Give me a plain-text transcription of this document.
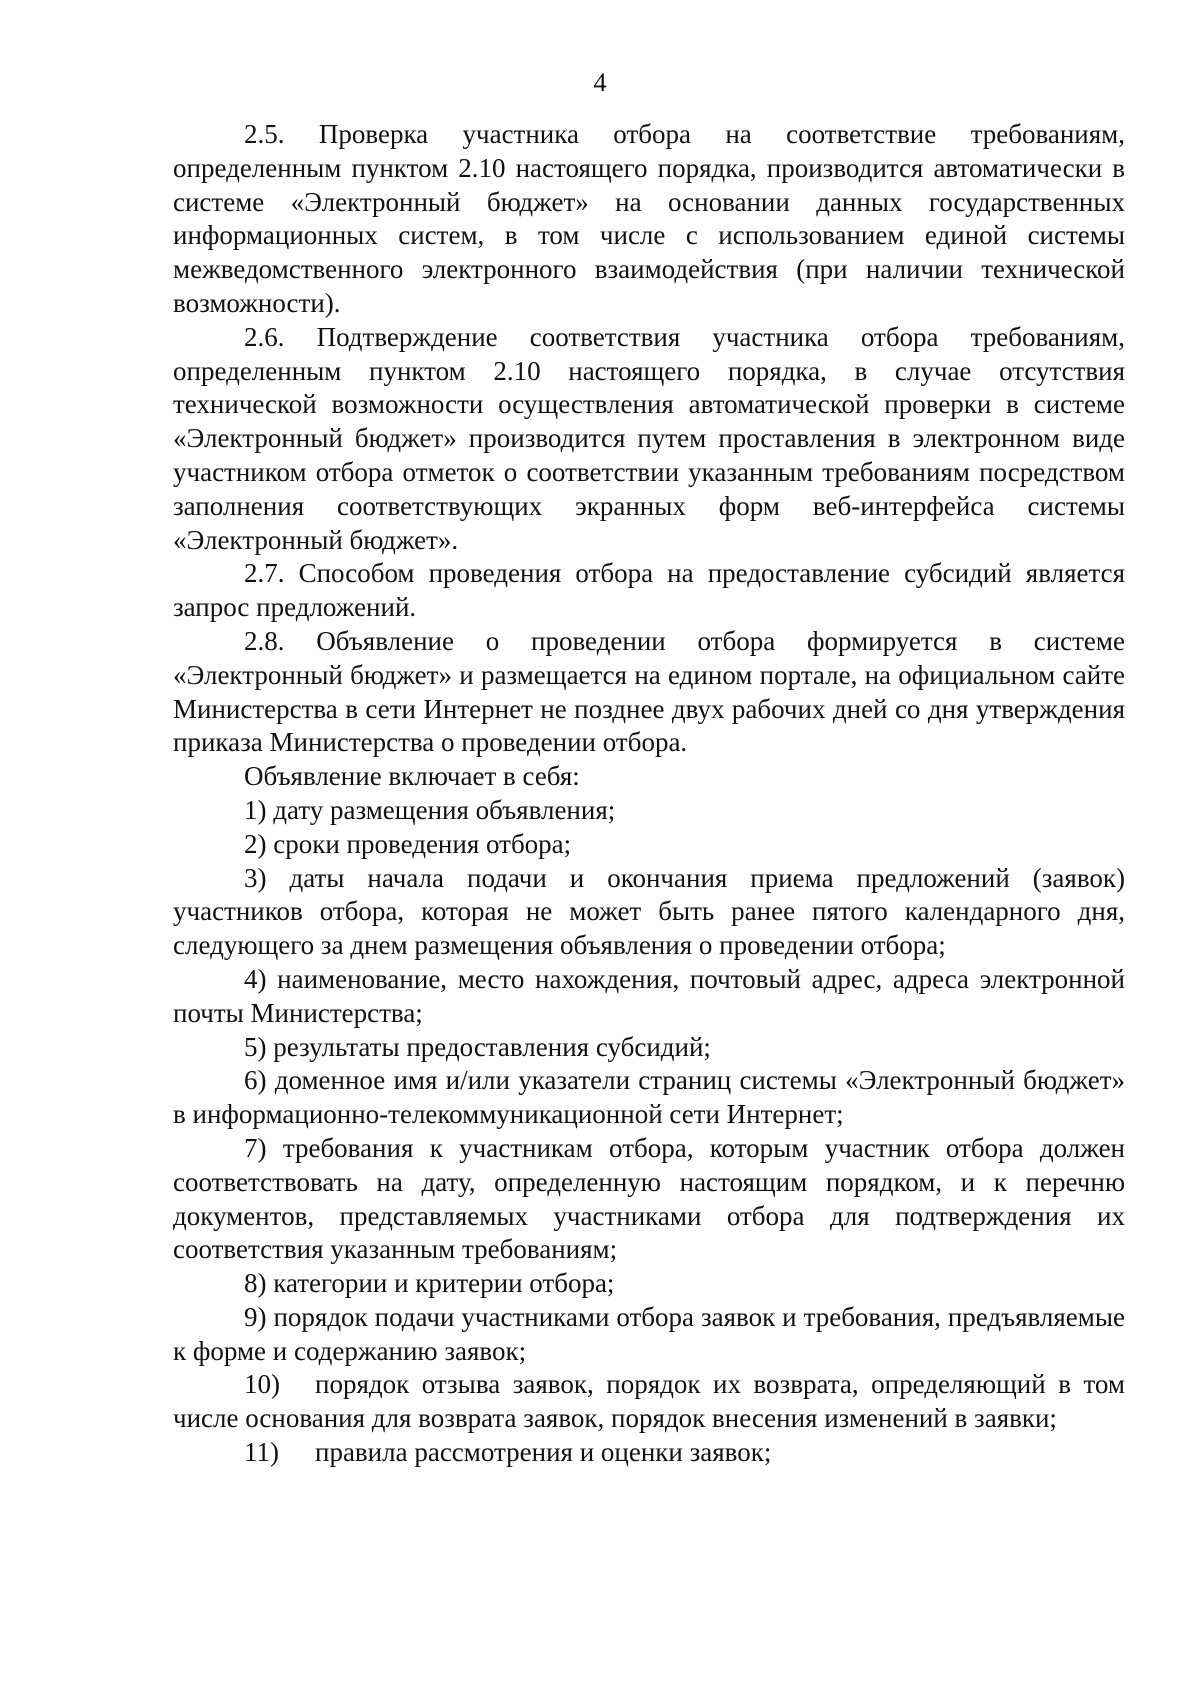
4

2.5. Проверка участника отбора на соответствие требованиям, определенным пунктом 2.10 настоящего порядка, производится автоматически в системе «Электронный бюджет» на основании данных государственных информационных систем, в том числе с использованием единой системы межведомственного электронного взаимодействия (при наличии технической возможности).

2.6. Подтверждение соответствия участника отбора требованиям, определенным пунктом 2.10 настоящего порядка, в случае отсутствия технической возможности осуществления автоматической проверки в системе «Электронный бюджет» производится путем проставления в электронном виде участником отбора отметок о соответствии указанным требованиям посредством заполнения соответствующих экранных форм веб-интерфейса системы «Электронный бюджет».

2.7. Способом проведения отбора на предоставление субсидий является запрос предложений.

2.8. Объявление о проведении отбора формируется в системе «Электронный бюджет» и размещается на едином портале, на официальном сайте Министерства в сети Интернет не позднее двух рабочих дней со дня утверждения приказа Министерства о проведении отбора.

Объявление включает в себя:

1) дату размещения объявления;

2) сроки проведения отбора;

3) даты начала подачи и окончания приема предложений (заявок) участников отбора, которая не может быть ранее пятого календарного дня, следующего за днем размещения объявления о проведении отбора;

4) наименование, место нахождения, почтовый адрес, адреса электронной почты Министерства;

5) результаты предоставления субсидий;

6) доменное имя и/или указатели страниц системы «Электронный бюджет» в информационно-телекоммуникационной сети Интернет;

7) требования к участникам отбора, которым участник отбора должен соответствовать на дату, определенную настоящим порядком, и к перечню документов, представляемых участниками отбора для подтверждения их соответствия указанным требованиям;

8) категории и критерии отбора;

9) порядок подачи участниками отбора заявок и требования, предъявляемые к форме и содержанию заявок;

10) порядок отзыва заявок, порядок их возврата, определяющий в том числе основания для возврата заявок, порядок внесения изменений в заявки;

11) правила рассмотрения и оценки заявок;
